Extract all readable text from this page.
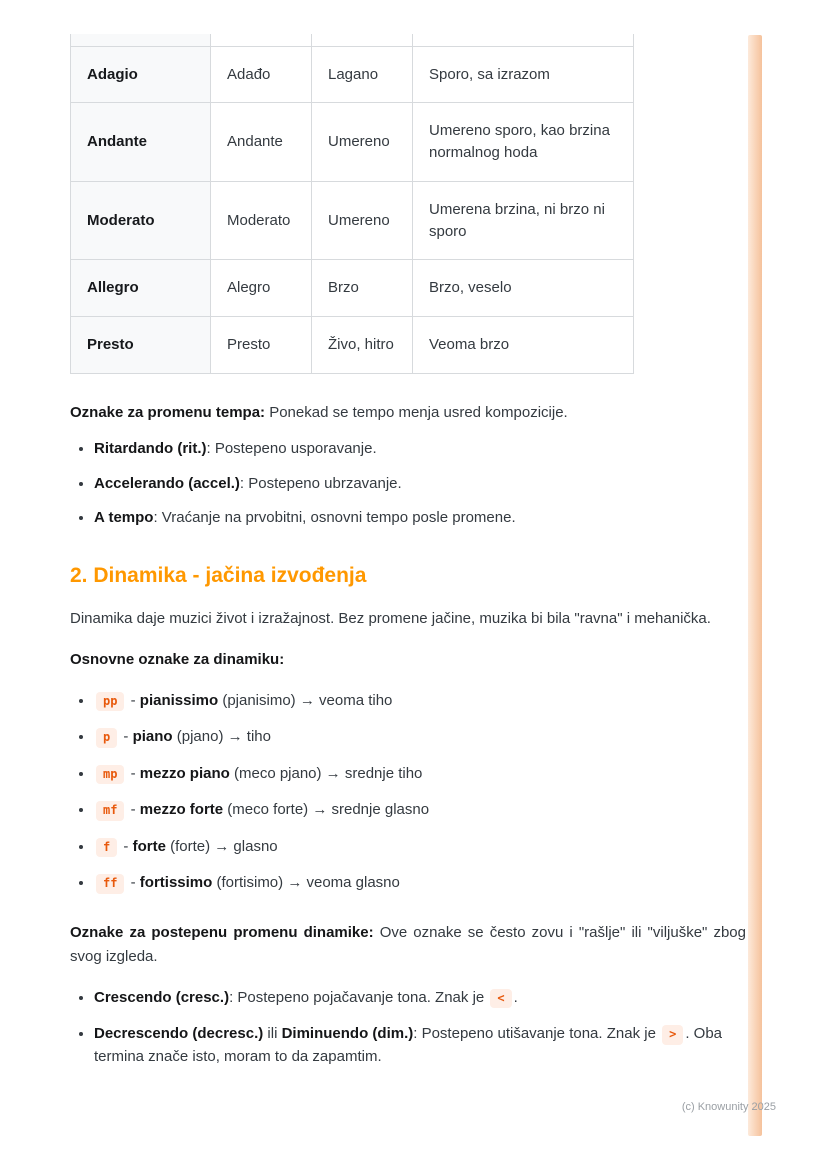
Adagio	Adađo	Lagano	Sporo, sa izrazom
Andante	Andante	Umereno	Umereno sporo, kao brzina normalnog hoda
Moderato	Moderato	Umereno	Umerena brzina, ni brzo ni sporo
Allegro	Alegro	Brzo	Brzo, veselo
Presto	Presto	Živo, hitro	Veoma brzo

Oznake za promenu tempa: Ponekad se tempo menja usred kompozicije.

• Ritardando (rit.): Postepeno usporavanje.
• Accelerando (accel.): Postepeno ubrzavanje.
• A tempo: Vraćanje na prvobitni, osnovni tempo posle promene.
2. Dinamika - jačina izvođenja

Dinamika daje muzici život i izražajnost. Bez promene jačine, muzika bi bila "ravna" i mehanička.

Osnovne oznake za dinamiku:

• pp - pianissimo (pjanisimo) → veoma tiho
• p - piano (pjano) → tiho
• mp - mezzo piano (meco pjano) → srednje tiho
• mf - mezzo forte (meco forte) → srednje glasno
• f - forte (forte) → glasno
• ff - fortissimo (fortisimo) → veoma glasno

Oznake za postepenu promenu dinamike: Ove oznake se često zovu i "rašlje" ili "viljuške" zbog svog izgleda.

• Crescendo (cresc.): Postepeno pojačavanje tona. Znak je < .
• Decrescendo (decresc.) ili Diminuendo (dim.): Postepeno utišavanje tona. Znak je > . Oba termina znače isto, moram to da zapamtim.
(c) Knowunity 2025
